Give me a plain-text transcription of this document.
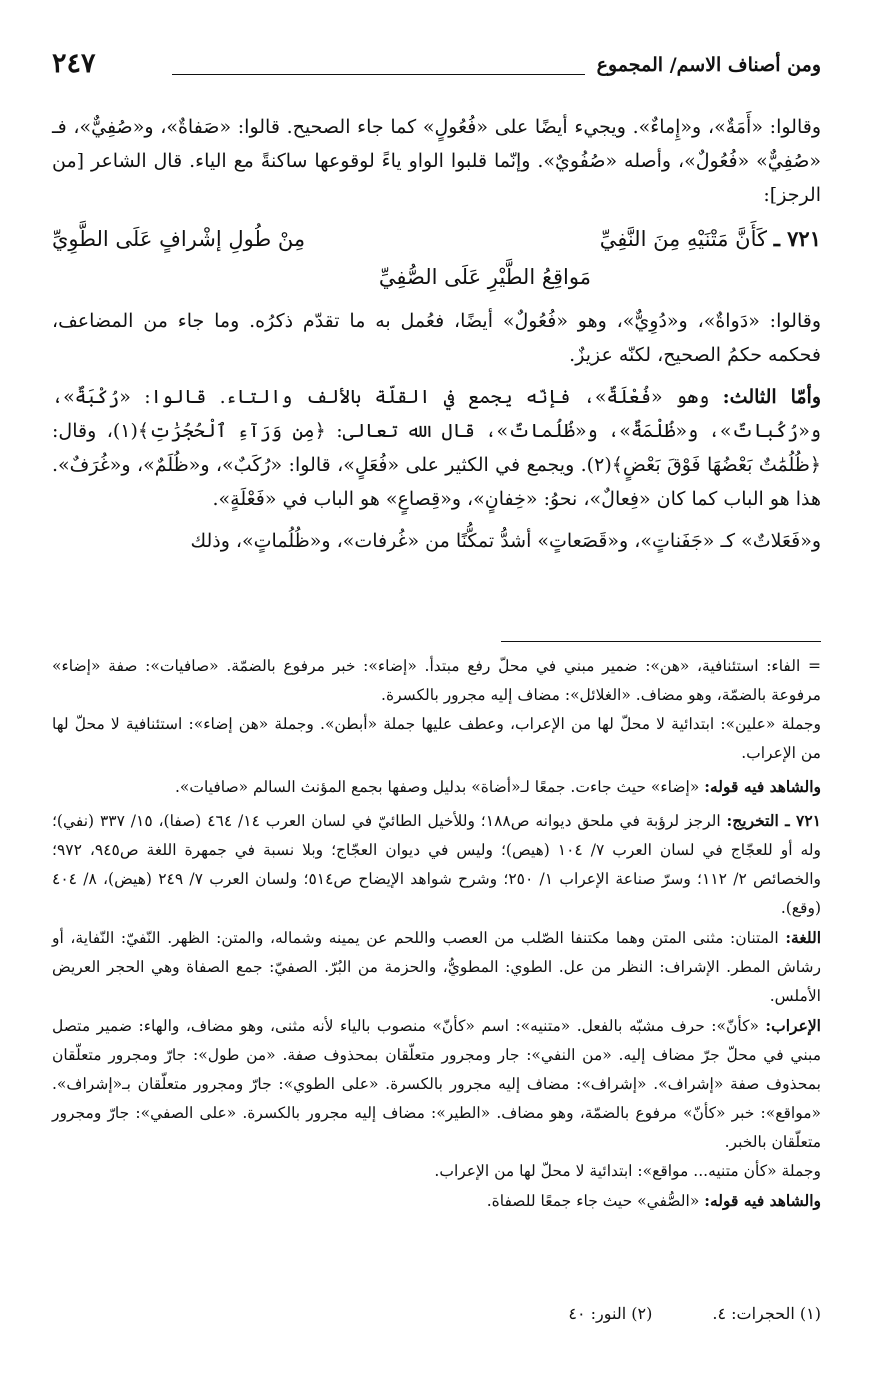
ومن أصناف الاسم/ المجموع
٢٤٧

وقالوا: «أَمَةٌ»، و«إِماءٌ». ويجيء أيضًا على «فُعُولٍ» كما جاء الصحيح. قالوا: «صَفاةٌ»، و«صُفِيٌّ»، فـ «صُفِيٌّ» «فُعُولٌ»، وأصله «صُفُويٌ». وإنّما قلبوا الواو ياءً لوقوعها ساكنةً مع الياء. قال الشاعر [من الرجز]:

٧٢١ ـ كَأَنَّ مَتْنَيْهِ مِنَ النَّفِيِّ
مِنْ طُولِ إشْرافٍ عَلَى الطَّوِيِّ
مَواقِعُ الطَّيْرِ عَلَى الصُّفِيِّ

وقالوا: «دَواةٌ»، و«دُوِيٌّ»، وهو «فُعُولٌ» أيضًا، فعُمل به ما تقدّم ذكرُه. وما جاء من المضاعف، فحكمه حكمُ الصحيح، لكنّه عزيزٌ.

وأمّا الثالث: وهو «فُعْلَةٌ»، فإنّه يجمع في القلّة بالألف والتاء. قالوا: «رُكْبَةٌ»، و«رُكُباتٌ»، و«ظُلْمَةٌ»، و«ظُلُماتٌ»، قال الله تعالى: ﴿مِن وَرَآءِ ٱلْحُجُرَٰتِ﴾(١)، وقال: ﴿ظُلُمَٰتٌ بَعْضُهَا فَوْقَ بَعْضٍ﴾(٢). ويجمع في الكثير على «فُعَلٍ»، قالوا: «رُكَبٌ»، و«ظُلَمٌ»، و«غُرَفٌ». هذا هو الباب كما كان «فِعالٌ»، نحوُ: «خِفانٍ»، و«قِصاعٍ» هو الباب في «فَعْلَةٍ».

و«فَعَلاتٌ» كـ «جَفَناتٍ»، و«قَصَعاتٍ» أشدُّ تمكُّنًا من «غُرفات»، و«ظُلُماتٍ»، وذلك

= الفاء: استئنافية، «هن»: ضمير مبني في محلّ رفع مبتدأ. «إضاء»: خبر مرفوع بالضمّة. «صافيات»: صفة «إضاء» مرفوعة بالضمّة، وهو مضاف. «الغلائل»: مضاف إليه مجرور بالكسرة.

وجملة «علين»: ابتدائية لا محلّ لها من الإعراب، وعطف عليها جملة «أبطن». وجملة «هن إضاء»: استئنافية لا محلّ لها من الإعراب.

والشاهد فيه قوله: «إضاء» حيث جاءت. جمعًا لـ«أضاة» بدليل وصفها بجمع المؤنث السالم «صافيات».

٧٢١ ـ التخريج: الرجز لرؤبة في ملحق ديوانه ص١٨٨؛ وللأخيل الطائيّ في لسان العرب ١٤/ ٤٦٤ (صفا)، ١٥/ ٣٣٧ (نفي)؛ وله أو للعجّاج في لسان العرب ٧/ ١٠٤ (هيص)؛ وليس في ديوان العجّاج؛ وبلا نسبة في جمهرة اللغة ص٩٤٥، ٩٧٢؛ والخصائص ٢/ ١١٢؛ وسرّ صناعة الإعراب ١/ ٢٥٠؛ وشرح شواهد الإيضاح ص٥١٤؛ ولسان العرب ٧/ ٢٤٩ (هيض)، ٨/ ٤٠٤ (وقع).

اللغة: المتنان: مثنى المتن وهما مكتنفا الصّلب من العصب واللحم عن يمينه وشماله، والمتن: الظهر. النّفيّ: النّفاية، أو رشاش المطر. الإشراف: النظر من عل. الطوي: المطويُّ، والحزمة من البُرّ. الصفيّ: جمع الصفاة وهي الحجر العريض الأملس.

الإعراب: «كأنّ»: حرف مشبّه بالفعل. «متنيه»: اسم «كأنّ» منصوب بالياء لأنه مثنى، وهو مضاف، والهاء: ضمير متصل مبني في محلّ جرّ مضاف إليه. «من النفي»: جار ومجرور متعلّقان بمحذوف صفة. «من طول»: جارّ ومجرور متعلّقان بمحذوف صفة «إشراف». «إشراف»: مضاف إليه مجرور بالكسرة. «على الطوي»: جارّ ومجرور متعلّقان بـ«إشراف». «مواقع»: خبر «كأنّ» مرفوع بالضمّة، وهو مضاف. «الطير»: مضاف إليه مجرور بالكسرة. «على الصفي»: جارّ ومجرور متعلّقان بالخبر.

وجملة «كأن متنيه... مواقع»: ابتدائية لا محلّ لها من الإعراب.

والشاهد فيه قوله: «الصُّفي» حيث جاء جمعًا للصفاة.

(١) الحجرات: ٤.
(٢) النور: ٤٠
